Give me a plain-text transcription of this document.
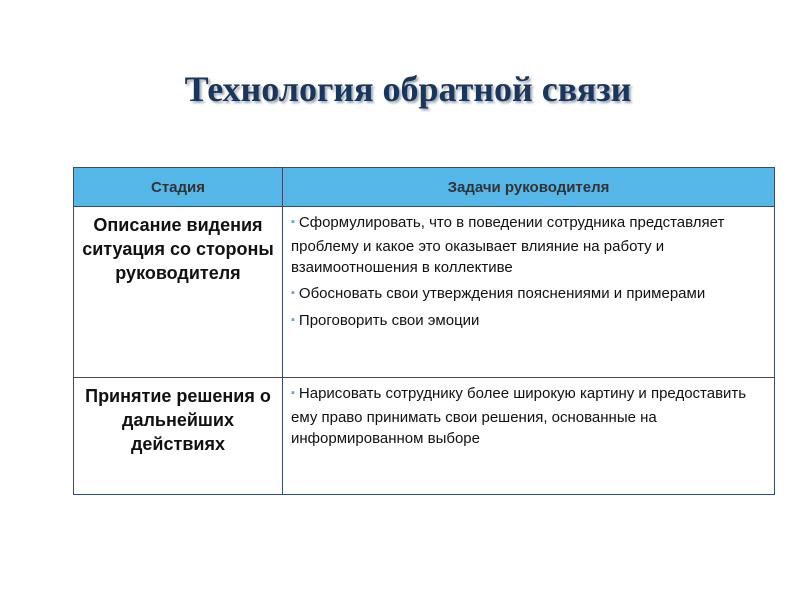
Технология обратной связи
Стадия	Задачи руководителя
Описание видения ситуация со стороны руководителя	▪ Сформулировать, что в поведении сотрудника представляет проблему и какое это оказывает влияние на работу и взаимоотношения в коллективе
▪ Обосновать свои утверждения пояснениями и примерами
▪ Проговорить свои эмоции

Принятие решения о дальнейших действиях	▪ Нарисовать сотруднику более широкую картину и предоставить ему право принимать свои решения, основанные на информированном выборе
